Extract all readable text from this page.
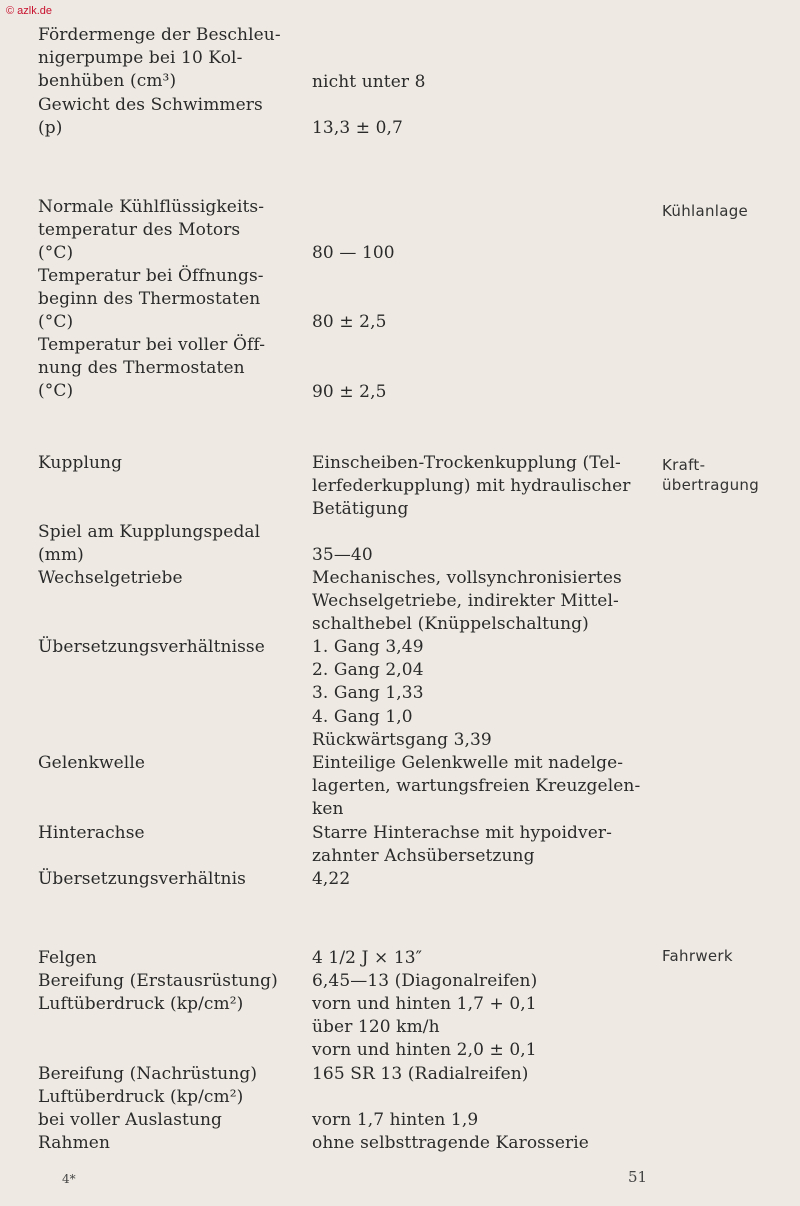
© azlk.de
Fördermenge der Beschleu-
nigerpumpe bei 10 Kol-
benhüben (cm³)	nicht unter 8
Gewicht des Schwimmers
(p)	13,3 ± 0,7
Kühlanlage
Normale Kühlflüssigkeits-
temperatur des Motors
(°C)	80 — 100
Temperatur bei Öffnungs-
beginn des Thermostaten
(°C)	80 ± 2,5
Temperatur bei voller Öff-
nung des Thermostaten
(°C)	90 ± 2,5
Kraft-
übertragung
Kupplung	Einscheiben-Trockenkupplung (Tel-
lerfederkupplung) mit hydraulischer
Betätigung
Spiel am Kupplungspedal
(mm)	35—40
Wechselgetriebe	Mechanisches, vollsynchronisiertes
Wechselgetriebe, indirekter Mittel-
schalthebel (Knüppelschaltung)
Übersetzungsverhältnisse	1. Gang 3,49
2. Gang 2,04
3. Gang 1,33
4. Gang 1,0
Rückwärtsgang 3,39
Gelenkwelle	Einteilige Gelenkwelle mit nadelge-
lagerten, wartungsfreien Kreuzgelen-
ken
Hinterachse	Starre Hinterachse mit hypoidver-
zahnter Achsübersetzung
Übersetzungsverhältnis	4,22
Fahrwerk
Felgen	4 1/2 J × 13″
Bereifung (Erstausrüstung)	6,45—13 (Diagonalreifen)
Luftüberdruck (kp/cm²)	vorn und hinten 1,7 + 0,1
über 120 km/h
vorn und hinten 2,0 ± 0,1
Bereifung (Nachrüstung)	165 SR 13 (Radialreifen)
Luftüberdruck (kp/cm²)
bei voller Auslastung	vorn 1,7 hinten 1,9
Rahmen	ohne selbsttragende Karosserie
4*	51
